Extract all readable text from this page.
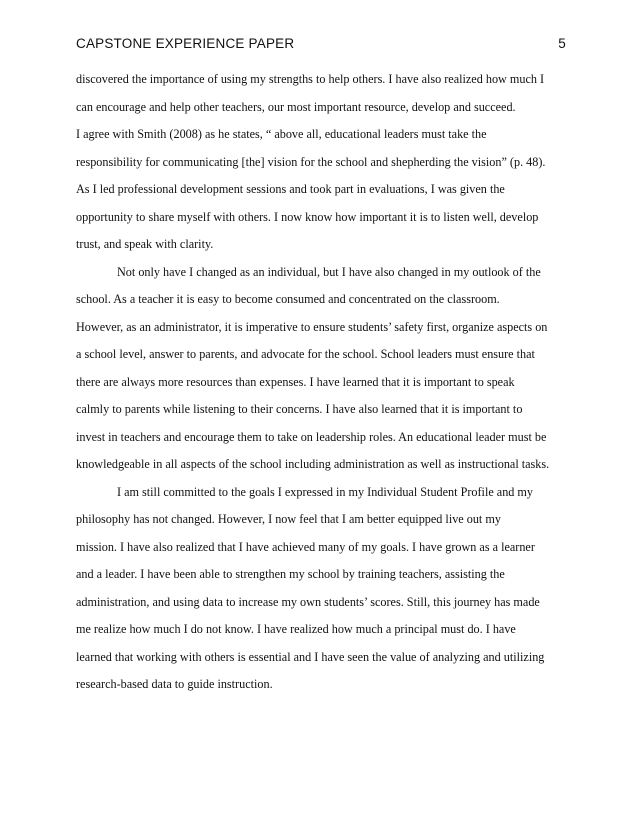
CAPSTONE EXPERIENCE PAPER	5
discovered the importance of using my strengths to help others. I have also realized how much I
can encourage and help other teachers, our most important resource, develop and succeed.
I agree with Smith (2008) as he states, “ above all, educational leaders must take the
responsibility for communicating [the] vision for the school and shepherding the vision” (p. 48).
As I led professional development sessions and took part in evaluations, I was given the
opportunity to share myself with others. I now know how important it is to listen well, develop
trust, and speak with clarity.
Not only have I changed as an individual, but I have also changed in my outlook of the
school. As a teacher it is easy to become consumed and concentrated on the classroom.
However, as an administrator, it is imperative to ensure students’ safety first, organize aspects on
a school level, answer to parents, and advocate for the school. School leaders must ensure that
there are always more resources than expenses. I have learned that it is important to speak
calmly to parents while listening to their concerns. I have also learned that it is important to
invest in teachers and encourage them to take on leadership roles. An educational leader must be
knowledgeable in all aspects of the school including administration as well as instructional tasks.
I am still committed to the goals I expressed in my Individual Student Profile and my
philosophy has not changed. However, I now feel that I am better equipped live out my
mission. I have also realized that I have achieved many of my goals. I have grown as a learner
and a leader. I have been able to strengthen my school by training teachers, assisting the
administration, and using data to increase my own students’ scores. Still, this journey has made
me realize how much I do not know. I have realized how much a principal must do. I have
learned that working with others is essential and I have seen the value of analyzing and utilizing
research-based data to guide instruction.
